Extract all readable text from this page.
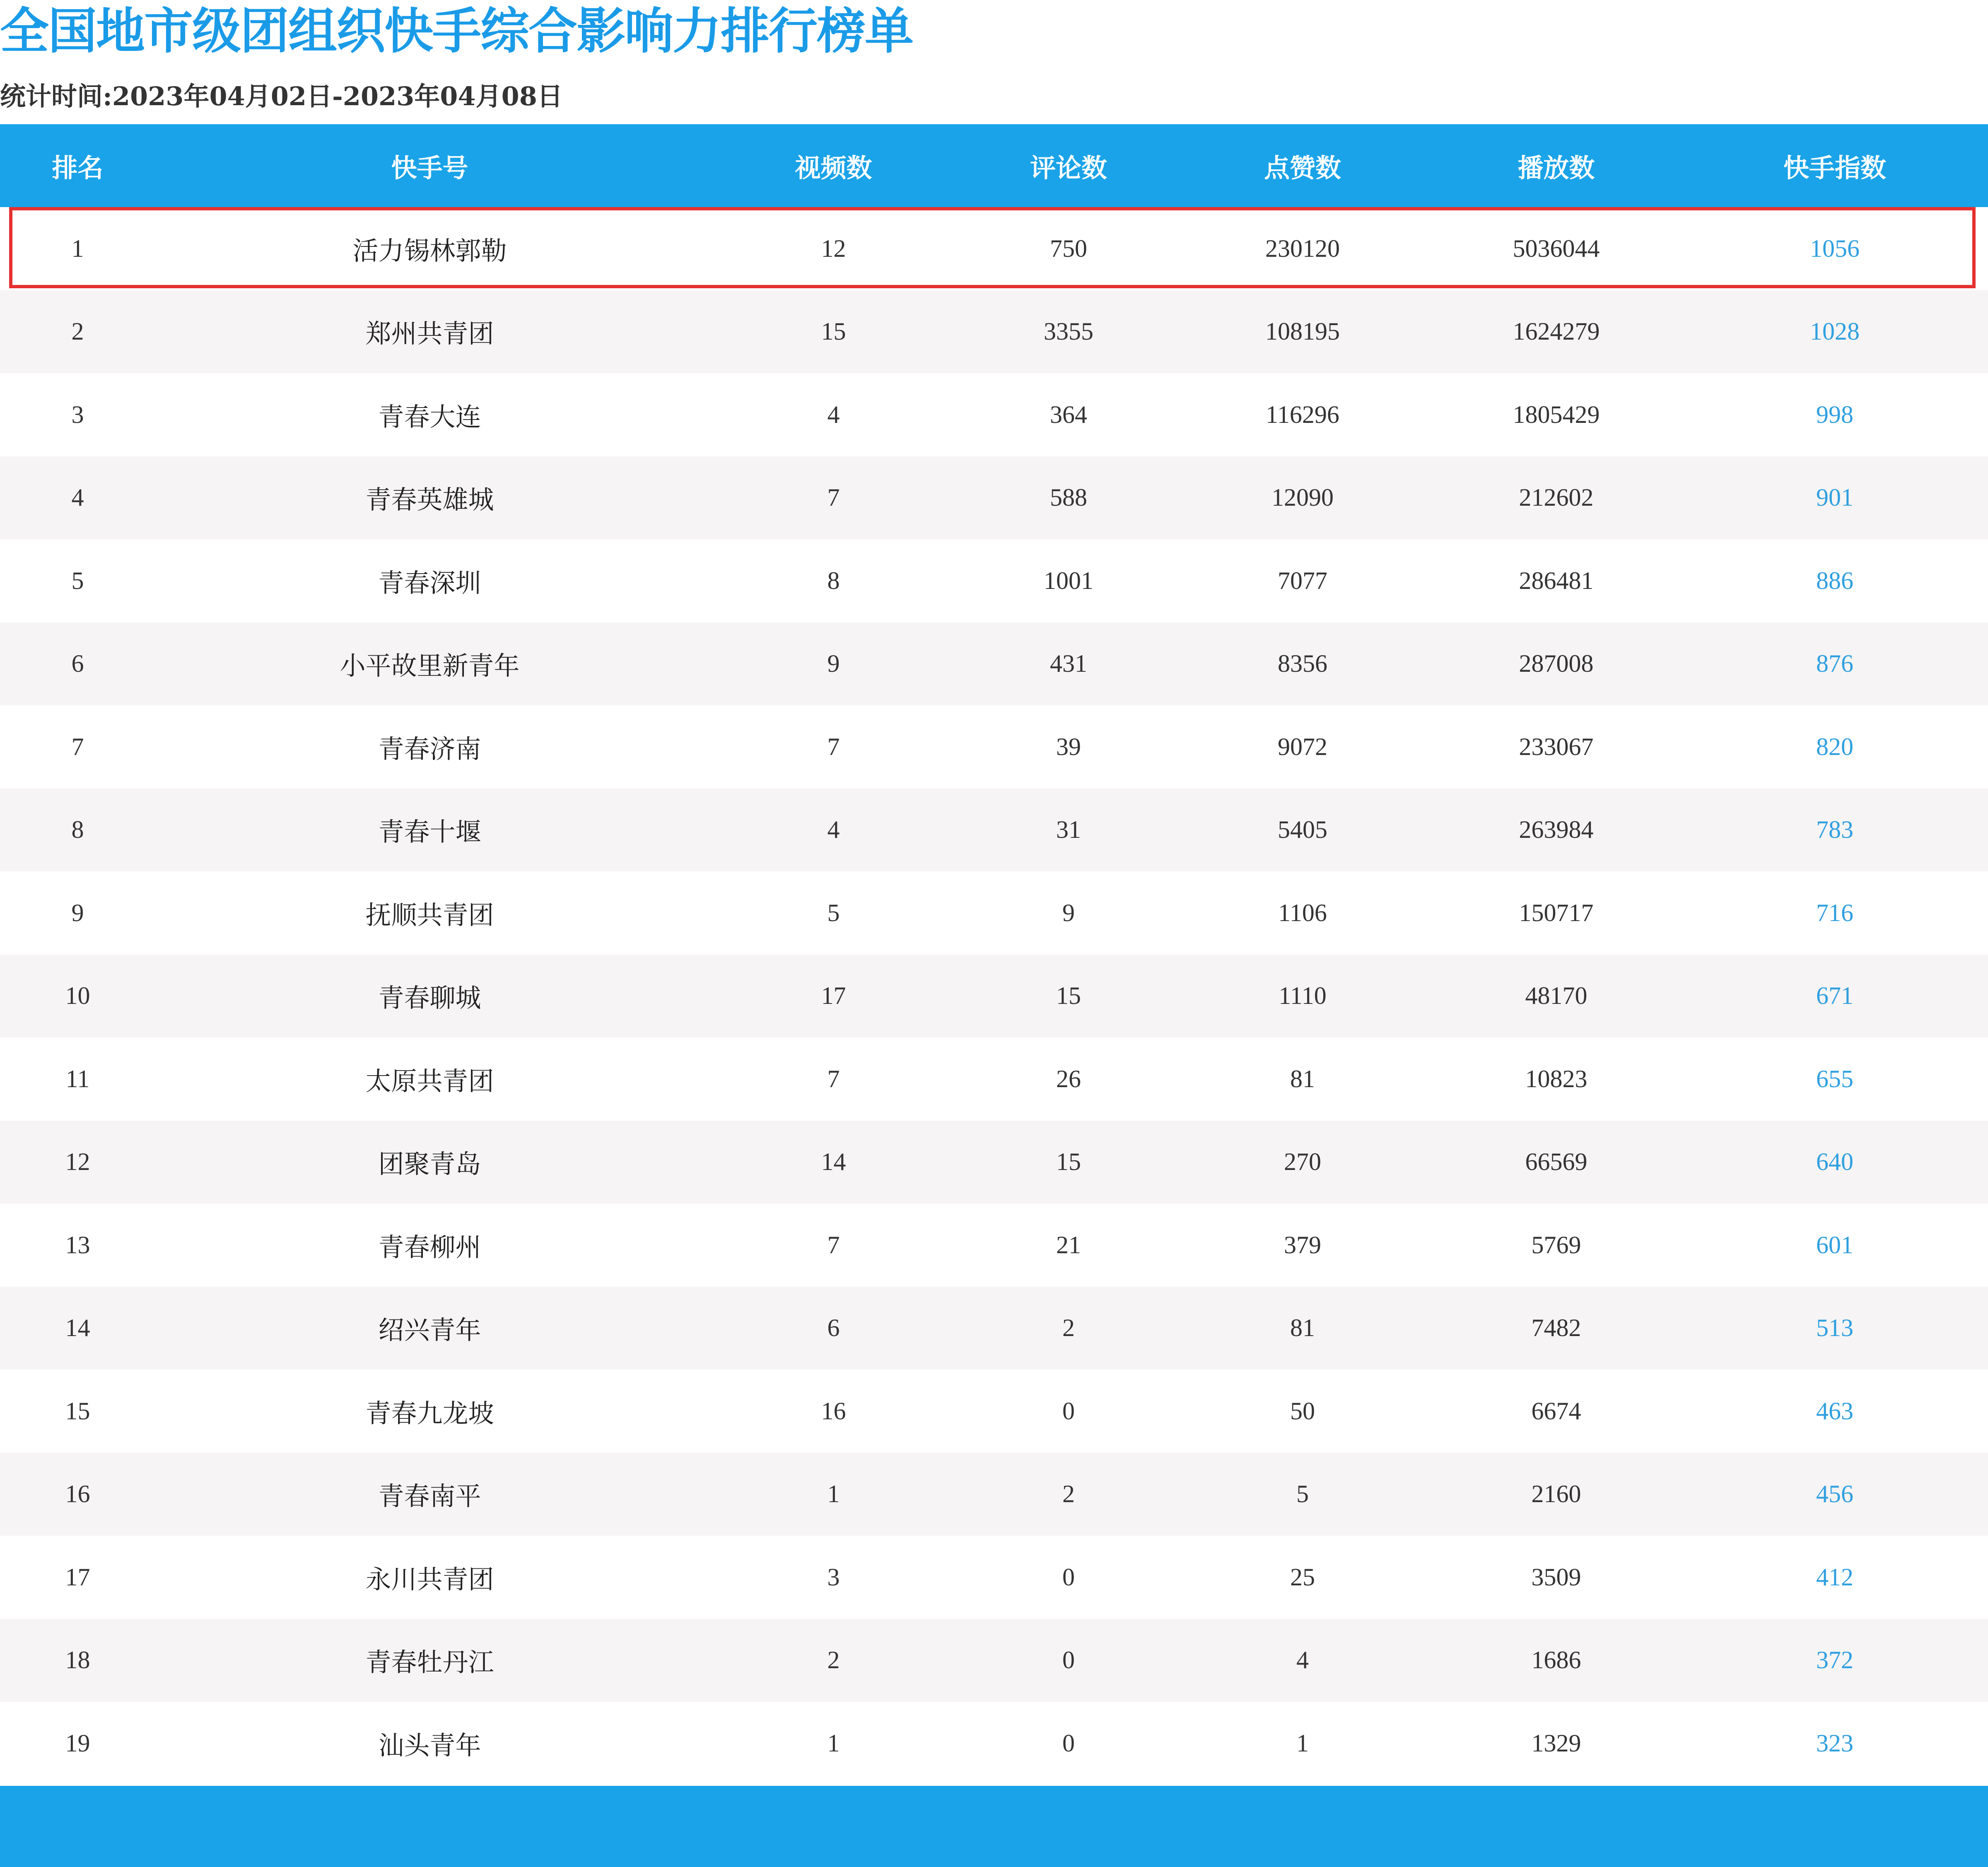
全国地市级团组织快手综合影响力排行榜单
统计时间:2023年04月02日-2023年04月08日
排名	快手号	视频数	评论数	点赞数	播放数	快手指数
1	活力锡林郭勒	12	750	230120	5036044	1056
2	郑州共青团	15	3355	108195	1624279	1028
3	青春大连	4	364	116296	1805429	998
4	青春英雄城	7	588	12090	212602	901
5	青春深圳	8	1001	7077	286481	886
6	小平故里新青年	9	431	8356	287008	876
7	青春济南	7	39	9072	233067	820
8	青春十堰	4	31	5405	263984	783
9	抚顺共青团	5	9	1106	150717	716
10	青春聊城	17	15	1110	48170	671
11	太原共青团	7	26	81	10823	655
12	团聚青岛	14	15	270	66569	640
13	青春柳州	7	21	379	5769	601
14	绍兴青年	6	2	81	7482	513
15	青春九龙坡	16	0	50	6674	463
16	青春南平	1	2	5	2160	456
17	永川共青团	3	0	25	3509	412
18	青春牡丹江	2	0	4	1686	372
19	汕头青年	1	0	1	1329	323
